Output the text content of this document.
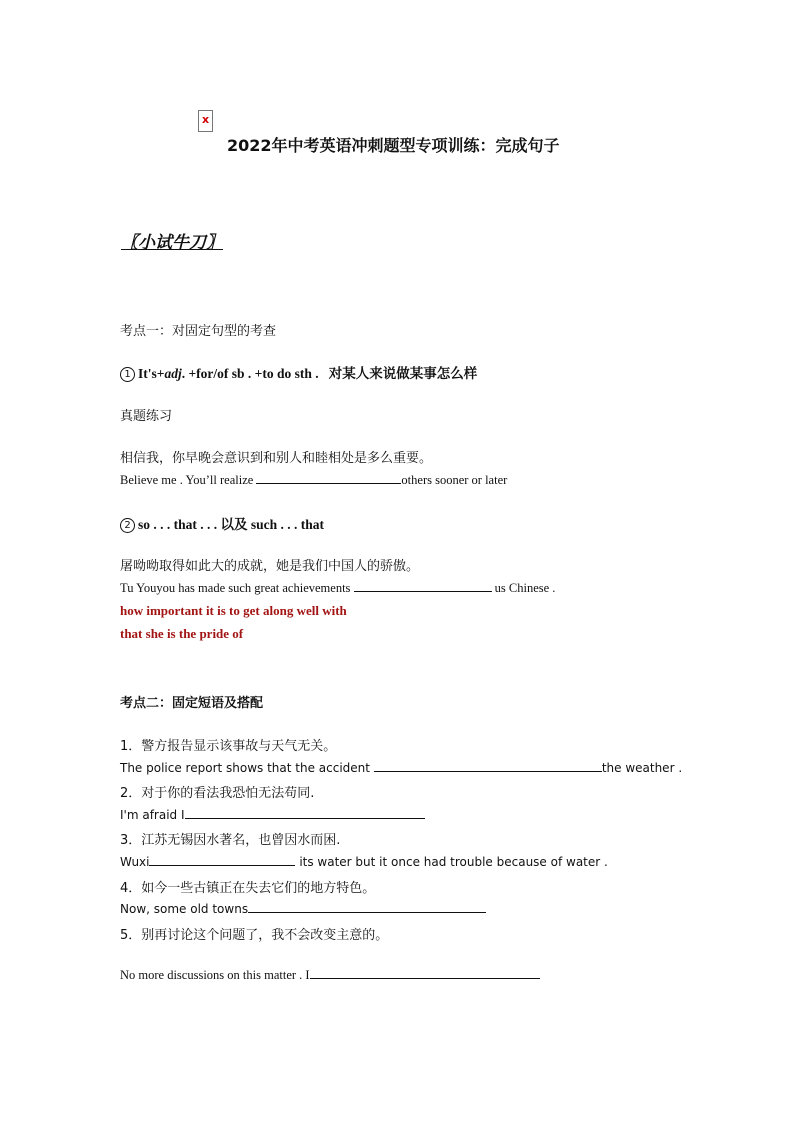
x
2022年中考英语冲刺题型专项训练：完成句子
〖小试牛刀〗
考点一：对固定句型的考查
1 It's+adj. +for/of sb . +to do sth . 对某人来说做某事怎么样
真题练习
相信我，你早晚会意识到和别人和睦相处是多么重要。
Believe me . You’ll realize	others sooner or later
2 so . . . that . . . 以及 such . . . that
屠呦呦取得如此大的成就，她是我们中国人的骄傲。
Tu Youyou has made such great achievements	us Chinese .
how important it is to get along well with
that she is the pride of
考点二：固定短语及搭配
1．警方报告显示该事故与天气无关。
The police report shows that the accident	the weather .
2．对于你的看法我恐怕无法苟同.
I'm afraid I
3．江苏无锡因水著名，也曾因水而困.
Wuxi	its water but it once had trouble because of water .
4．如今一些古镇正在失去它们的地方特色。
Now, some old towns
5．别再讨论这个问题了，我不会改变主意的。
No more discussions on this matter . I
